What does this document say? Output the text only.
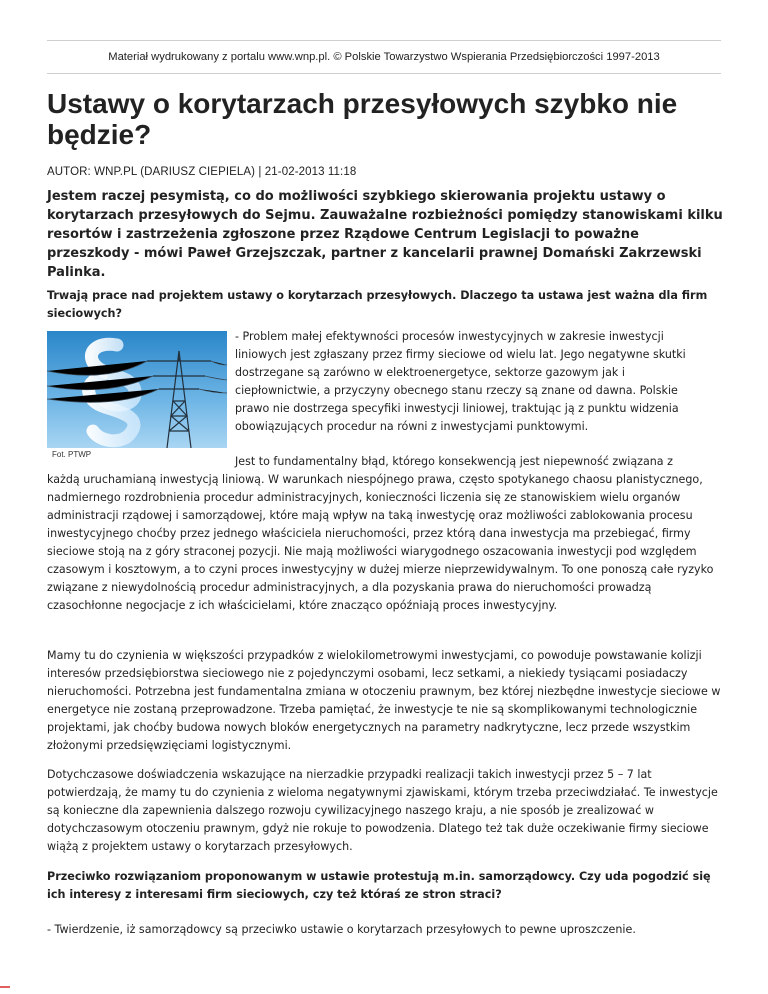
Materiał wydrukowany z portalu www.wnp.pl. © Polskie Towarzystwo Wspierania Przedsiębiorczości 1997-2013
Ustawy o korytarzach przesyłowych szybko nie będzie?
AUTOR: WNP.PL (DARIUSZ CIEPIELA) | 21-02-2013 11:18

Jestem raczej pesymistą, co do możliwości szybkiego skierowania projektu ustawy o korytarzach przesyłowych do Sejmu. Zauważalne rozbieżności pomiędzy stanowiskami kilku resortów i zastrzeżenia zgłoszone przez Rządowe Centrum Legislacji to poważne przeszkody - mówi Paweł Grzejszczak, partner z kancelarii prawnej Domański Zakrzewski Palinka.

Trwają prace nad projektem ustawy o korytarzach przesyłowych. Dlaczego ta ustawa jest ważna dla firm sieciowych?

Fot. PTWP

- Problem małej efektywności procesów inwestycyjnych w zakresie inwestycji liniowych jest zgłaszany przez firmy sieciowe od wielu lat. Jego negatywne skutki dostrzegane są zarówno w elektroenergetyce, sektorze gazowym jak i ciepłownictwie, a przyczyny obecnego stanu rzeczy są znane od dawna. Polskie prawo nie dostrzega specyfiki inwestycji liniowej, traktując ją z punktu widzenia obowiązujących procedur na równi z inwestycjami punktowymi.

Jest to fundamentalny błąd, którego konsekwencją jest niepewność związana z

każdą uruchamianą inwestycją liniową. W warunkach niespójnego prawa, często spotykanego chaosu planistycznego, nadmiernego rozdrobnienia procedur administracyjnych, konieczności liczenia się ze stanowiskiem wielu organów administracji rządowej i samorządowej, które mają wpływ na taką inwestycję oraz możliwości zablokowania procesu inwestycyjnego choćby przez jednego właściciela nieruchomości, przez którą dana inwestycja ma przebiegać, firmy sieciowe stoją na z góry straconej pozycji. Nie mają możliwości wiarygodnego oszacowania inwestycji pod względem czasowym i kosztowym, a to czyni proces inwestycyjny w dużej mierze nieprzewidywalnym. To one ponoszą całe ryzyko związane z niewydolnością procedur administracyjnych, a dla pozyskania prawa do nieruchomości prowadzą czasochłonne negocjacje z ich właścicielami, które znacząco opóźniają proces inwestycyjny.

Mamy tu do czynienia w większości przypadków z wielokilometrowymi inwestycjami, co powoduje powstawanie kolizji interesów przedsiębiorstwa sieciowego nie z pojedynczymi osobami, lecz setkami, a niekiedy tysiącami posiadaczy nieruchomości. Potrzebna jest fundamentalna zmiana w otoczeniu prawnym, bez której niezbędne inwestycje sieciowe w energetyce nie zostaną przeprowadzone. Trzeba pamiętać, że inwestycje te nie są skomplikowanymi technologicznie projektami, jak choćby budowa nowych bloków energetycznych na parametry nadkrytyczne, lecz przede wszystkim złożonymi przedsięwzięciami logistycznymi.

Dotychczasowe doświadczenia wskazujące na nierzadkie przypadki realizacji takich inwestycji przez 5 – 7 lat potwierdzają, że mamy tu do czynienia z wieloma negatywnymi zjawiskami, którym trzeba przeciwdziałać. Te inwestycje są konieczne dla zapewnienia dalszego rozwoju cywilizacyjnego naszego kraju, a nie sposób je zrealizować w dotychczasowym otoczeniu prawnym, gdyż nie rokuje to powodzenia. Dlatego też tak duże oczekiwanie firmy sieciowe wiążą z projektem ustawy o korytarzach przesyłowych.

Przeciwko rozwiązaniom proponowanym w ustawie protestują m.in. samorządowcy. Czy uda pogodzić się ich interesy z interesami firm sieciowych, czy też któraś ze stron straci?

- Twierdzenie, iż samorządowcy są przeciwko ustawie o korytarzach przesyłowych to pewne uproszczenie.
